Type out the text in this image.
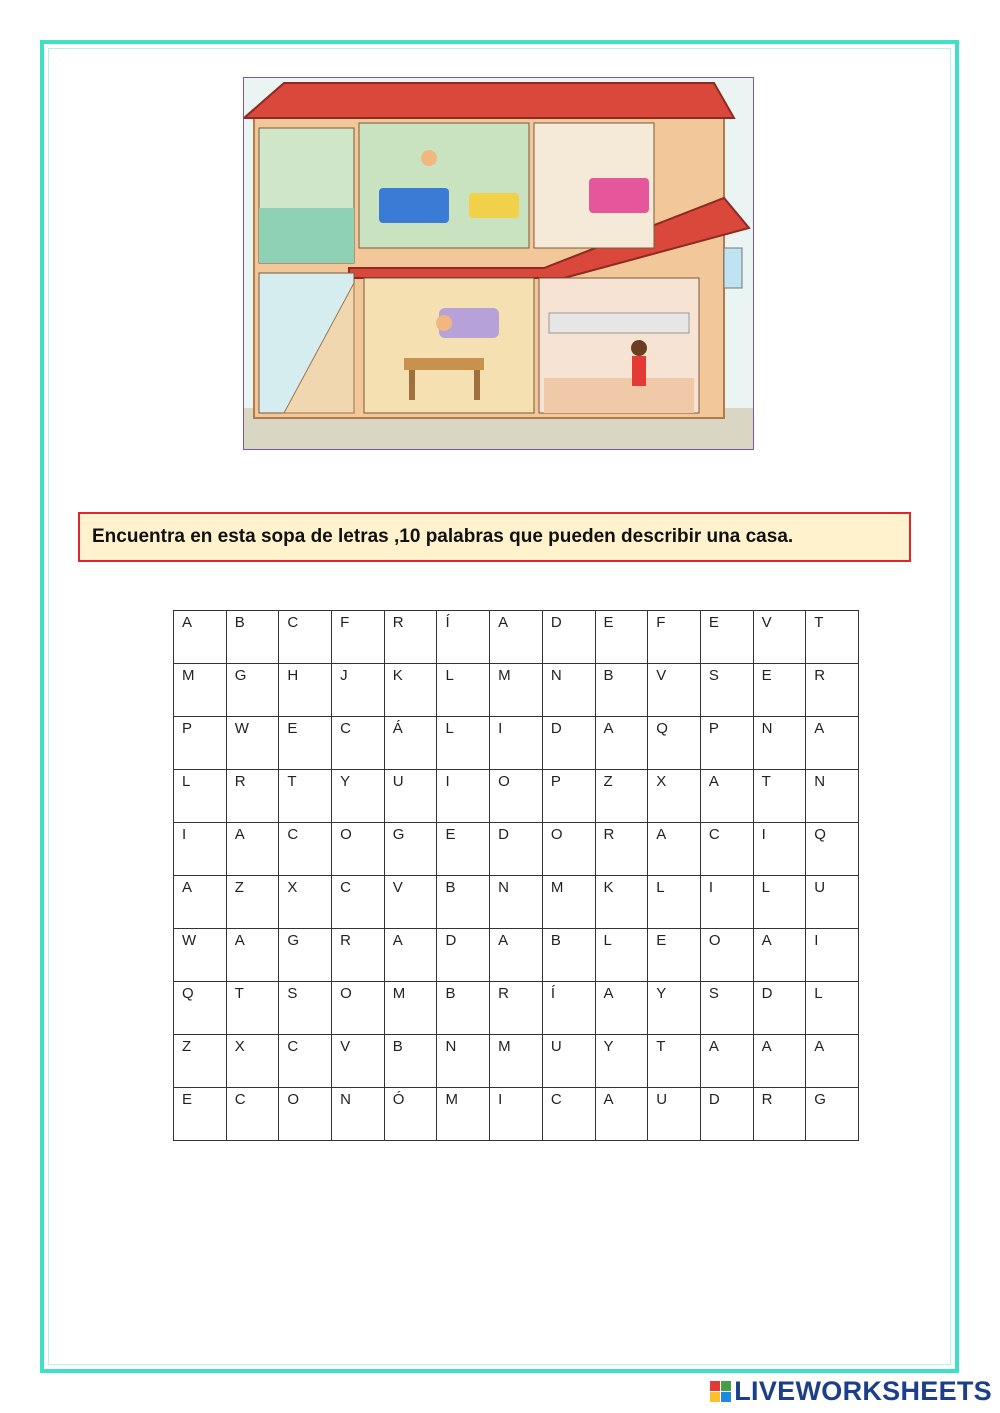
Encuentra en esta sopa de letras ,10 palabras que pueden describir una casa.
A	B	C	F	R	Í	A	D	E	F	E	V	T
M	G	H	J	K	L	M	N	B	V	S	E	R
P	W	E	C	Á	L	I	D	A	Q	P	N	A
L	R	T	Y	U	I	O	P	Z	X	A	T	N
I	A	C	O	G	E	D	O	R	A	C	I	Q
A	Z	X	C	V	B	N	M	K	L	I	L	U
W	A	G	R	A	D	A	B	L	E	O	A	I
Q	T	S	O	M	B	R	Í	A	Y	S	D	L
Z	X	C	V	B	N	M	U	Y	T	A	A	A
E	C	O	N	Ó	M	I	C	A	U	D	R	G
LIVEWORKSHEETS
